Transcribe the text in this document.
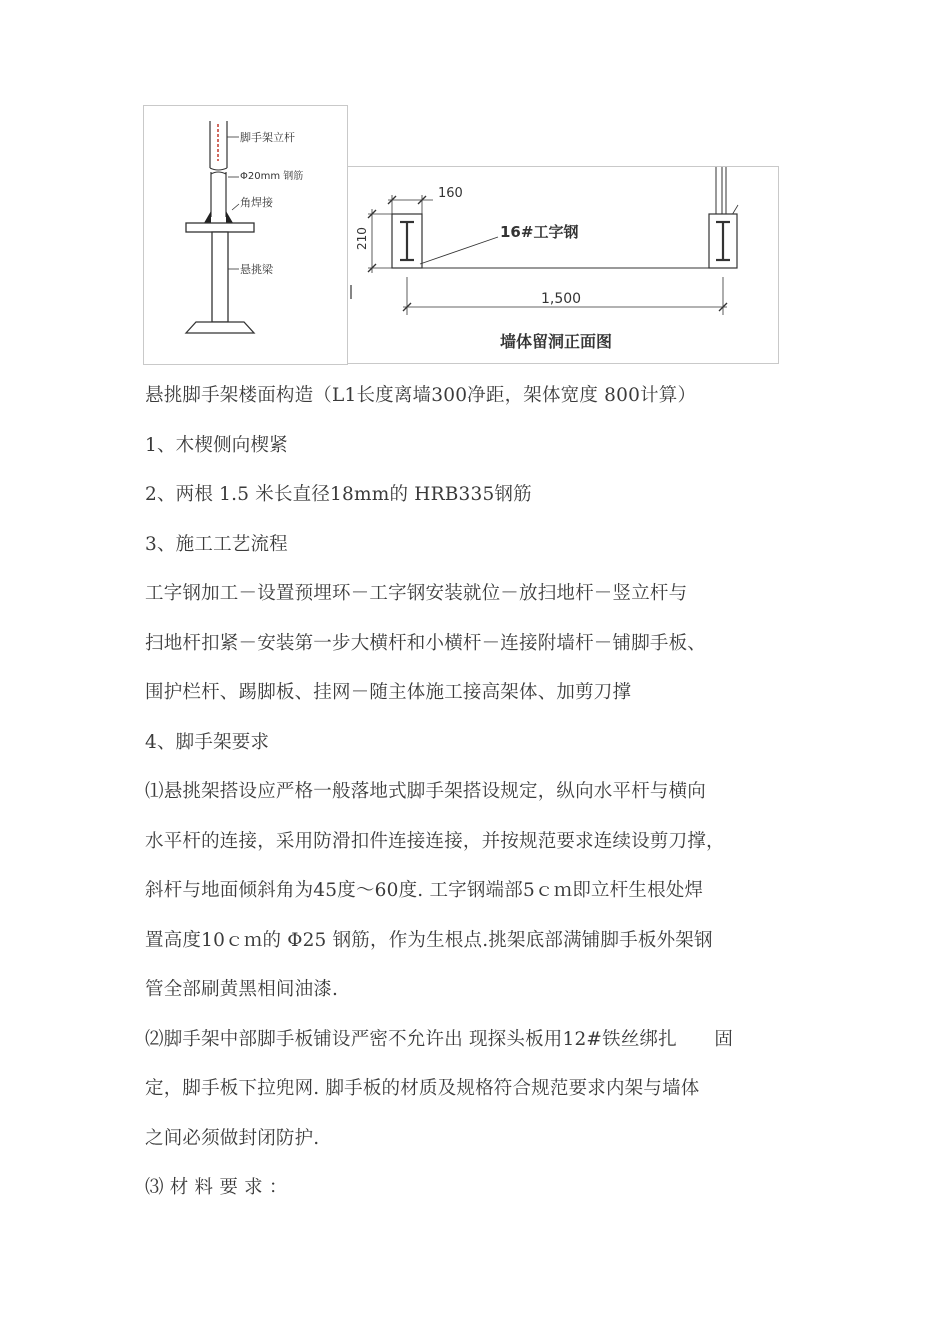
脚手架立杆
Φ20mm 钢筋
角焊接
悬挑梁
160
210	16#工字钢
1,500
墙体留洞正面图
悬挑脚手架楼面构造（L1长度离墙300净距，架体宽度 800计算）
1、木楔侧向楔紧
2、两根 1.5 米长直径18mm的 HRB335钢筋
3、施工工艺流程
工字钢加工－设置预埋环－工字钢安装就位－放扫地杆－竖立杆与
扫地杆扣紧－安装第一步大横杆和小横杆－连接附墙杆－铺脚手板、
围护栏杆、踢脚板、挂网－随主体施工接高架体、加剪刀撑
4、脚手架要求
⑴悬挑架搭设应严格一般落地式脚手架搭设规定，纵向水平杆与横向
水平杆的连接，采用防滑扣件连接连接，并按规范要求连续设剪刀撑，
斜杆与地面倾斜角为45度～60度. 工字钢端部5ｃｍ即立杆生根处焊
置高度10ｃｍ的 Φ25 钢筋，作为生根点.挑架底部满铺脚手板外架钢
管全部刷黄黑相间油漆.
⑵脚手架中部脚手板铺设严密不允许出 现探头板用12#铁丝绑扎　　固
定，脚手板下拉兜网. 脚手板的材质及规格符合规范要求内架与墙体
之间必须做封闭防护.
⑶ 材 料 要 求 ：
